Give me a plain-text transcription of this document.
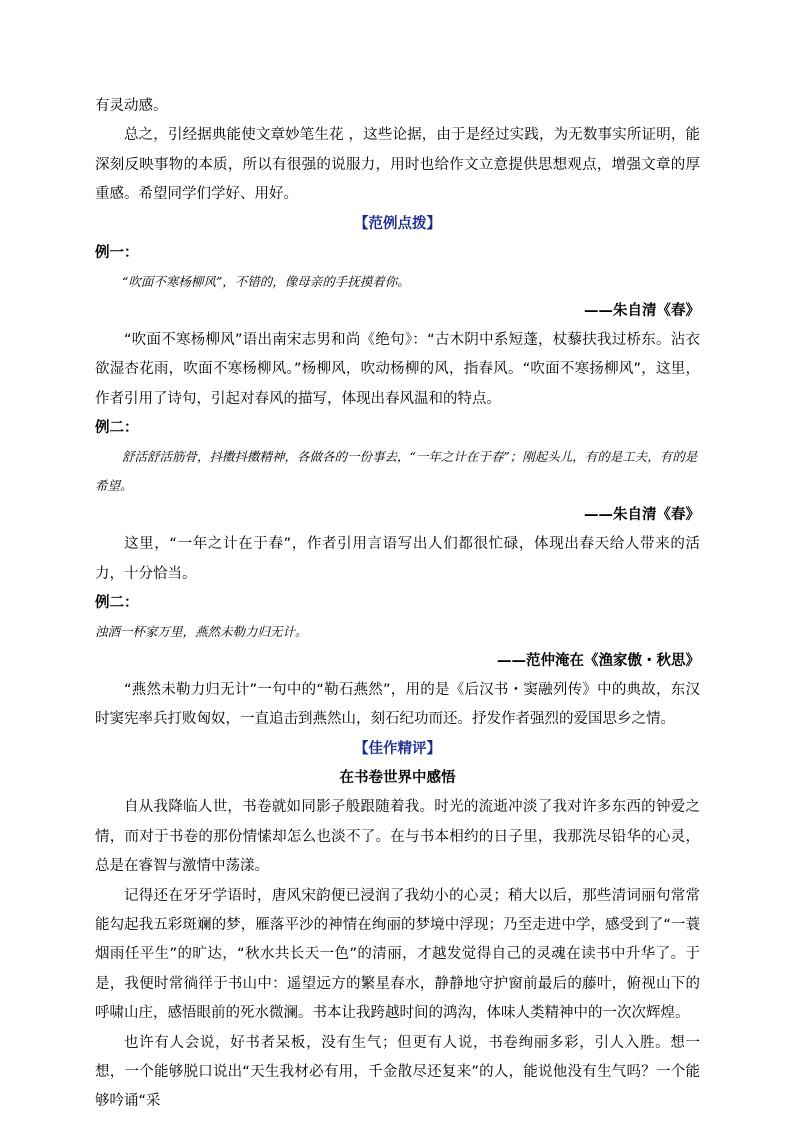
有灵动感。

总之，引经据典能使文章妙笔生花 ，这些论据，由于是经过实践，为无数事实所证明，能深刻反映事物的本质，所以有很强的说服力，用时也给作文立意提供思想观点，增强文章的厚重感。希望同学们学好、用好。

【范例点拨】

例一：

“吹面不寒杨柳风”，不错的，像母亲的手抚摸着你。

——朱自清《春》

“吹面不寒杨柳风”语出南宋志男和尚《绝句》：“古木阴中系短蓬，杖藜扶我过桥东。沾衣欲湿杏花雨，吹面不寒杨柳风。”杨柳风，吹动杨柳的风，指春风。“吹面不寒扬柳风”，这里，作者引用了诗句，引起对春风的描写，体现出春风温和的特点。

例二：

舒活舒活筋骨，抖擞抖擞精神，各做各的一份事去，“一年之计在于春”；刚起头儿，有的是工夫，有的是希望。

——朱自清《春》

这里，“一年之计在于春”，作者引用言语写出人们都很忙碌，体现出春天给人带来的活力，十分恰当。

例二：

浊酒一杯家万里，燕然未勒力归无计。

——范仲淹在《渔家傲・秋思》

“燕然未勒力归无计”一句中的“勒石燕然”，用的是《后汉书・窦融列传》中的典故，东汉时窦宪率兵打败匈奴，一直追击到燕然山，刻石纪功而还。抒发作者强烈的爱国思乡之情。

【佳作精评】

在书卷世界中感悟

自从我降临人世，书卷就如同影子般跟随着我。时光的流逝冲淡了我对许多东西的钟爱之情，而对于书卷的那份情愫却怎么也淡不了。在与书本相约的日子里，我那洗尽铅华的心灵，总是在睿智与激情中荡漾。

记得还在牙牙学语时，唐风宋韵便已浸润了我幼小的心灵；稍大以后，那些清词丽句常常能勾起我五彩斑斓的梦，雁落平沙的神情在绚丽的梦境中浮现；乃至走进中学，感受到了“一蓑烟雨任平生”的旷达，“秋水共长天一色”的清丽，才越发觉得自己的灵魂在读书中升华了。于是，我便时常徜徉于书山中：遥望远方的繁星春水，静静地守护窗前最后的藤叶，俯视山下的呼啸山庄，感悟眼前的死水微澜。书本让我跨越时间的鸿沟，体味人类精神中的一次次辉煌。

也许有人会说，好书者呆板，没有生气；但更有人说，书卷绚丽多彩，引人入胜。想一想，一个能够脱口说出“天生我材必有用，千金散尽还复来”的人，能说他没有生气吗？一个能够吟诵“采
